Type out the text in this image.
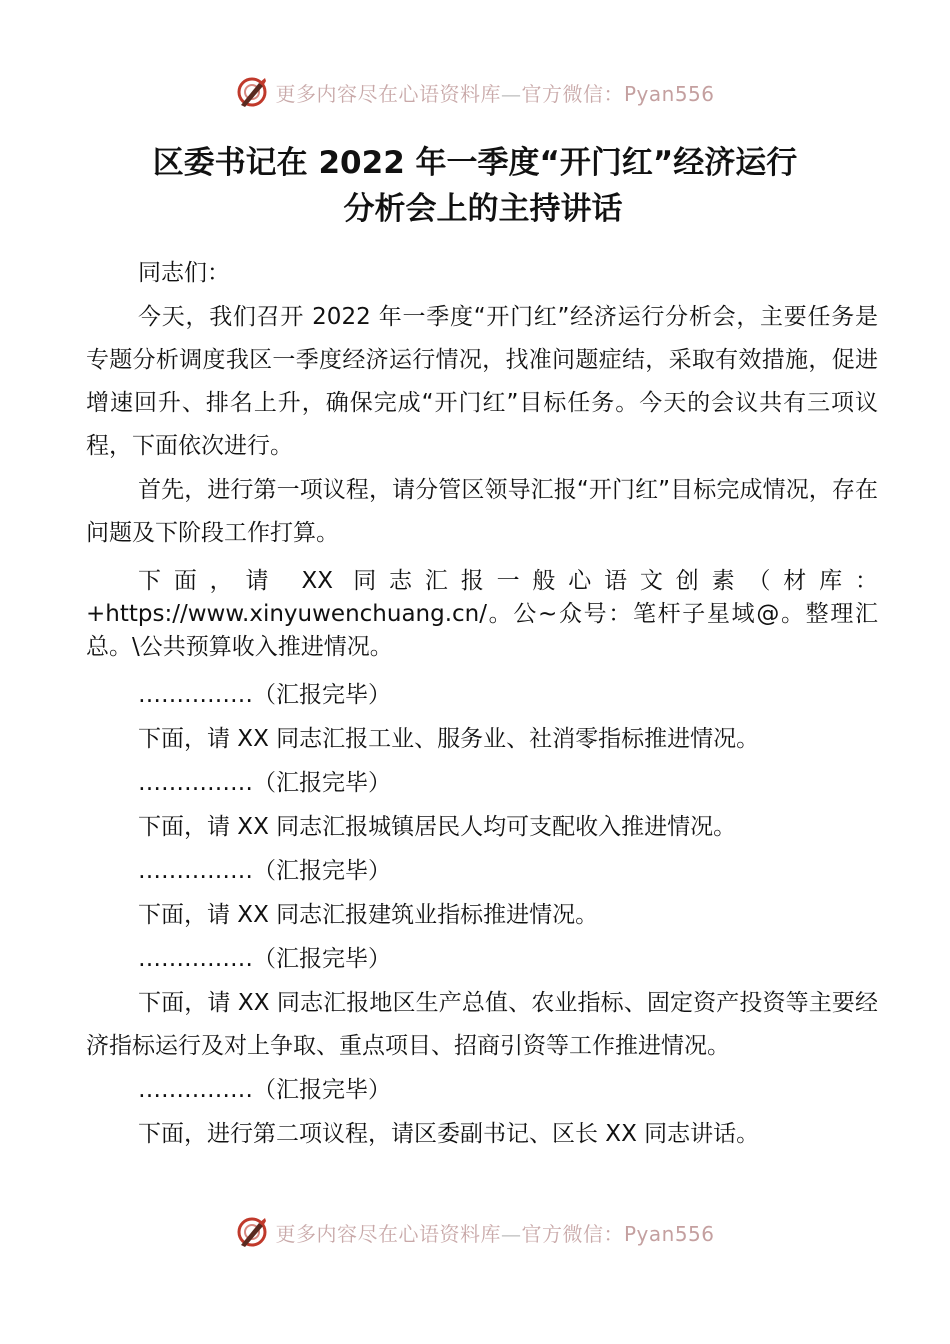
更多内容尽在心语资料库—官方微信：Pyan556
区委书记在 2022 年一季度“开门红”经济运行
分析会上的主持讲话

同志们：

今天，我们召开 2022 年一季度“开门红”经济运行分析会，主要任务是专题分析调度我区一季度经济运行情况，找准问题症结，采取有效措施，促进增速回升、排名上升，确保完成“开门红”目标任务。今天的会议共有三项议程，下面依次进行。

首先，进行第一项议程，请分管区领导汇报“开门红”目标完成情况，存在问题及下阶段工作打算。

下面，请 XX 同志汇报一般心语文创素（材库：+https://www.xinyuwenchuang.cn/。公~众号：笔杆子星域@。整理汇总。\公共预算收入推进情况。

……………（汇报完毕）

下面，请 XX 同志汇报工业、服务业、社消零指标推进情况。

……………（汇报完毕）

下面，请 XX 同志汇报城镇居民人均可支配收入推进情况。

……………（汇报完毕）

下面，请 XX 同志汇报建筑业指标推进情况。

……………（汇报完毕）

下面，请 XX 同志汇报地区生产总值、农业指标、固定资产投资等主要经济指标运行及对上争取、重点项目、招商引资等工作推进情况。

……………（汇报完毕）

下面，进行第二项议程，请区委副书记、区长 XX 同志讲话。

更多内容尽在心语资料库—官方微信：Pyan556
